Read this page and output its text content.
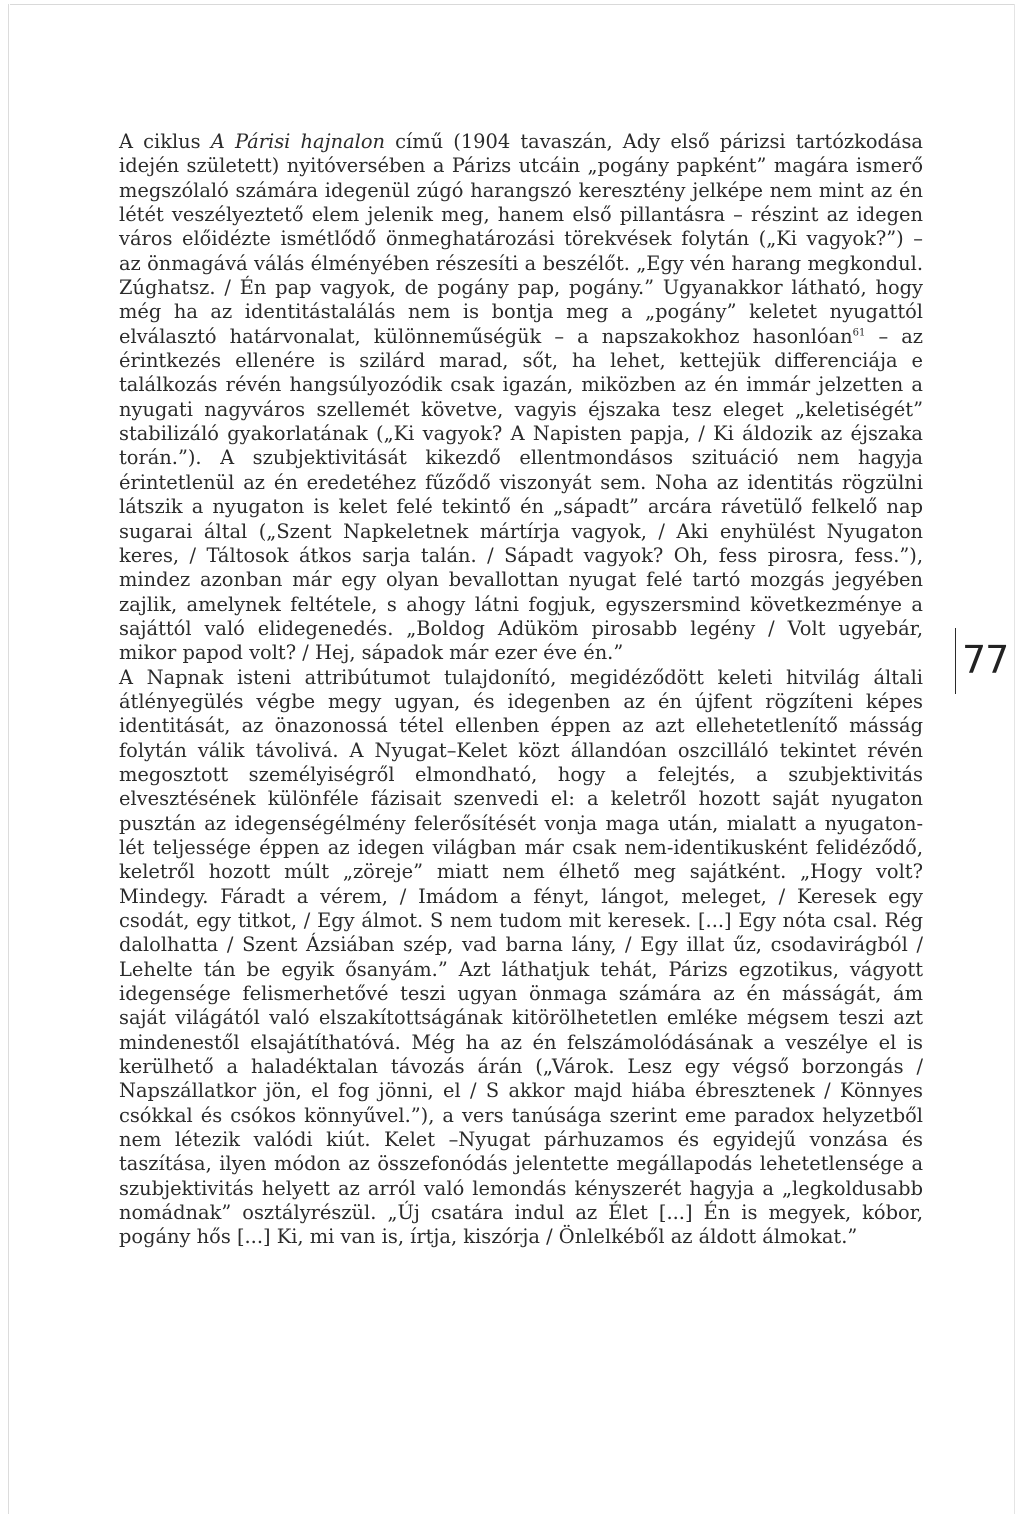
A ciklus A Párisi hajnalon című (1904 tavaszán, Ady első párizsi tartózkodása idején született) nyitóversében a Párizs utcáin „pogány papként” magára ismerő megszólaló számára idegenül zúgó harangszó keresztény jelképe nem mint az én létét veszélyeztető elem jelenik meg, hanem első pillantásra – részint az idegen város előidézte ismétlődő önmeghatározási törekvések folytán („Ki vagyok?”) – az önmagává válás élményében részesíti a beszélőt. „Egy vén harang megkondul. Zúghatsz. / Én pap vagyok, de pogány pap, pogány.” Ugyanakkor látható, hogy még ha az identitástalálás nem is bontja meg a „pogány” keletet nyugattól elválasztó határvonalat, különneműségük – a napszakokhoz hasonlóan$^{61}$ – az érintkezés ellenére is szilárd marad, sőt, ha lehet, kettejük differenciája e találkozás révén hangsúlyozódik csak igazán, miközben az én immár jelzetten a nyugati nagyváros szellemét követve, vagyis éjszaka tesz eleget „keletiségét” stabilizáló gyakorlatának („Ki vagyok? A Napisten papja, / Ki áldozik az éjszaka torán.”). A szubjektivitását kikezdő ellentmondásos szituáció nem hagyja érintetlenül az én eredetéhez fűződő viszonyát sem. Noha az identitás rögzülni látszik a nyugaton is kelet felé tekintő én „sápadt” arcára rávetülő felkelő nap sugarai által („Szent Napkeletnek mártírja vagyok, / Aki enyhülést Nyugaton keres, / Táltosok átkos sarja talán. / Sápadt vagyok? Oh, fess pirosra, fess.”), mindez azonban már egy olyan bevallottan nyugat felé tartó mozgás jegyében zajlik, amelynek feltétele, s ahogy látni fogjuk, egyszersmind következménye a sajáttól való elidegenedés. „Boldog Adüköm pirosabb legény / Volt ugyebár, mikor papod volt? / Hej, sápadok már ezer éve én.”

A Napnak isteni attribútumot tulajdonító, megidéződött keleti hitvilág általi átlényegülés végbe megy ugyan, és idegenben az én újfent rögzíteni képes identitását, az önazonossá tétel ellenben éppen az azt ellehetetlenítő másság folytán válik távolivá. A Nyugat–Kelet közt állandóan oszcilláló tekintet révén megosztott személyiségről elmondható, hogy a felejtés, a szubjektivitás elvesztésének különféle fázisait szenvedi el: a keletről hozott saját nyugaton pusztán az idegenségélmény felerősítését vonja maga után, mialatt a nyugaton-lét teljessége éppen az idegen világban már csak nem-identikusként felidéződő, keletről hozott múlt „zöreje” miatt nem élhető meg sajátként. „Hogy volt? Mindegy. Fáradt a vérem, / Imádom a fényt, lángot, meleget, / Keresek egy csodát, egy titkot, / Egy álmot. S nem tudom mit keresek. [...] Egy nóta csal. Rég dalolhatta / Szent Ázsiában szép, vad barna lány, / Egy illat űz, csodavirágból / Lehelte tán be egyik ősanyám.” Azt láthatjuk tehát, Párizs egzotikus, vágyott idegensége felismerhetővé teszi ugyan önmaga számára az én másságát, ám saját világától való elszakítottságának kitörölhetetlen emléke mégsem teszi azt mindenestől elsajátíthatóvá. Még ha az én felszámolódásának a veszélye el is kerülhető a haladéktalan távozás árán („Várok. Lesz egy végső borzongás / Napszállatkor jön, el fog jönni, el / S akkor majd hiába ébresztenek / Könnyes csókkal és csókos könnyűvel.”), a vers tanúsága szerint eme paradox helyzetből nem létezik valódi kiút. Kelet –Nyugat párhuzamos és egyidejű vonzása és taszítása, ilyen módon az összefonódás jelentette megállapodás lehetetlensége a szubjektivitás helyett az arról való lemondás kényszerét hagyja a „legkoldusabb nomádnak” osztályrészül. „Új csatára indul az Élet [...] Én is megyek, kóbor, pogány hős [...] Ki, mi van is, írtja, kiszórja / Önlelkéből az áldott álmokat.”

77
